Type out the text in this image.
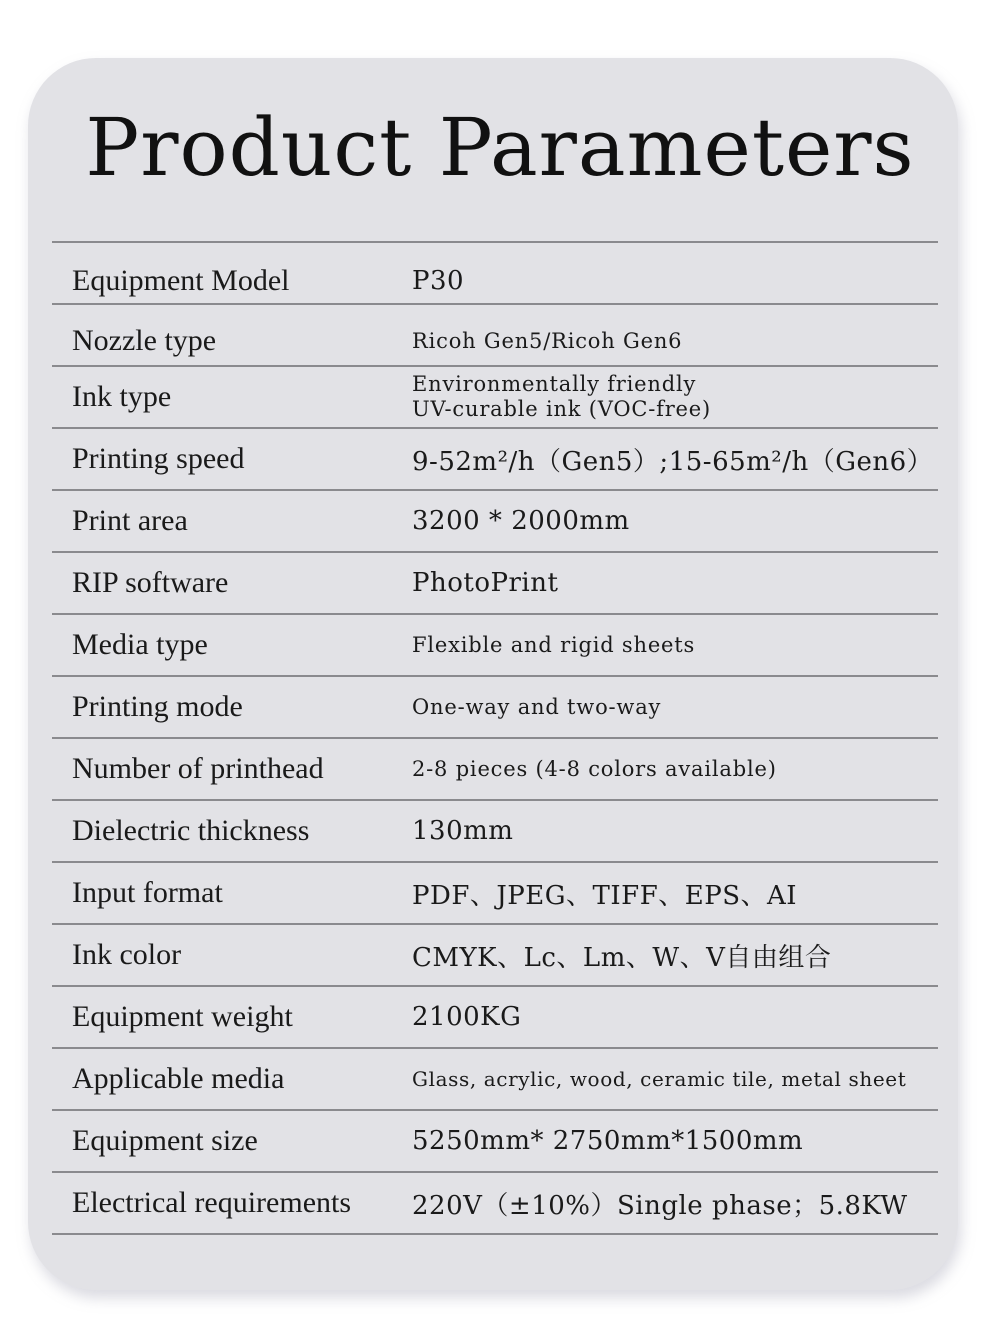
Product Parameters
Equipment Model	P30
Nozzle type	Ricoh Gen5/Ricoh Gen6
Ink type	Environmentally friendly
UV-curable ink (VOC-free)
Printing speed	9-52m²/h（Gen5）;15-65m²/h（Gen6）
Print area	3200 * 2000mm
RIP software	PhotoPrint
Media type	Flexible and rigid sheets
Printing mode	One-way and two-way
Number of printhead	2-8 pieces (4-8 colors available)
Dielectric thickness	130mm
Input format	PDF、JPEG、TIFF、EPS、AI
Ink color	CMYK、Lc、Lm、W、V自由组合
Equipment weight	2100KG
Applicable media	Glass, acrylic, wood, ceramic tile, metal sheet
Equipment size	5250mm* 2750mm*1500mm
Electrical requirements 220V（±10%）Single phase；5.8KW
